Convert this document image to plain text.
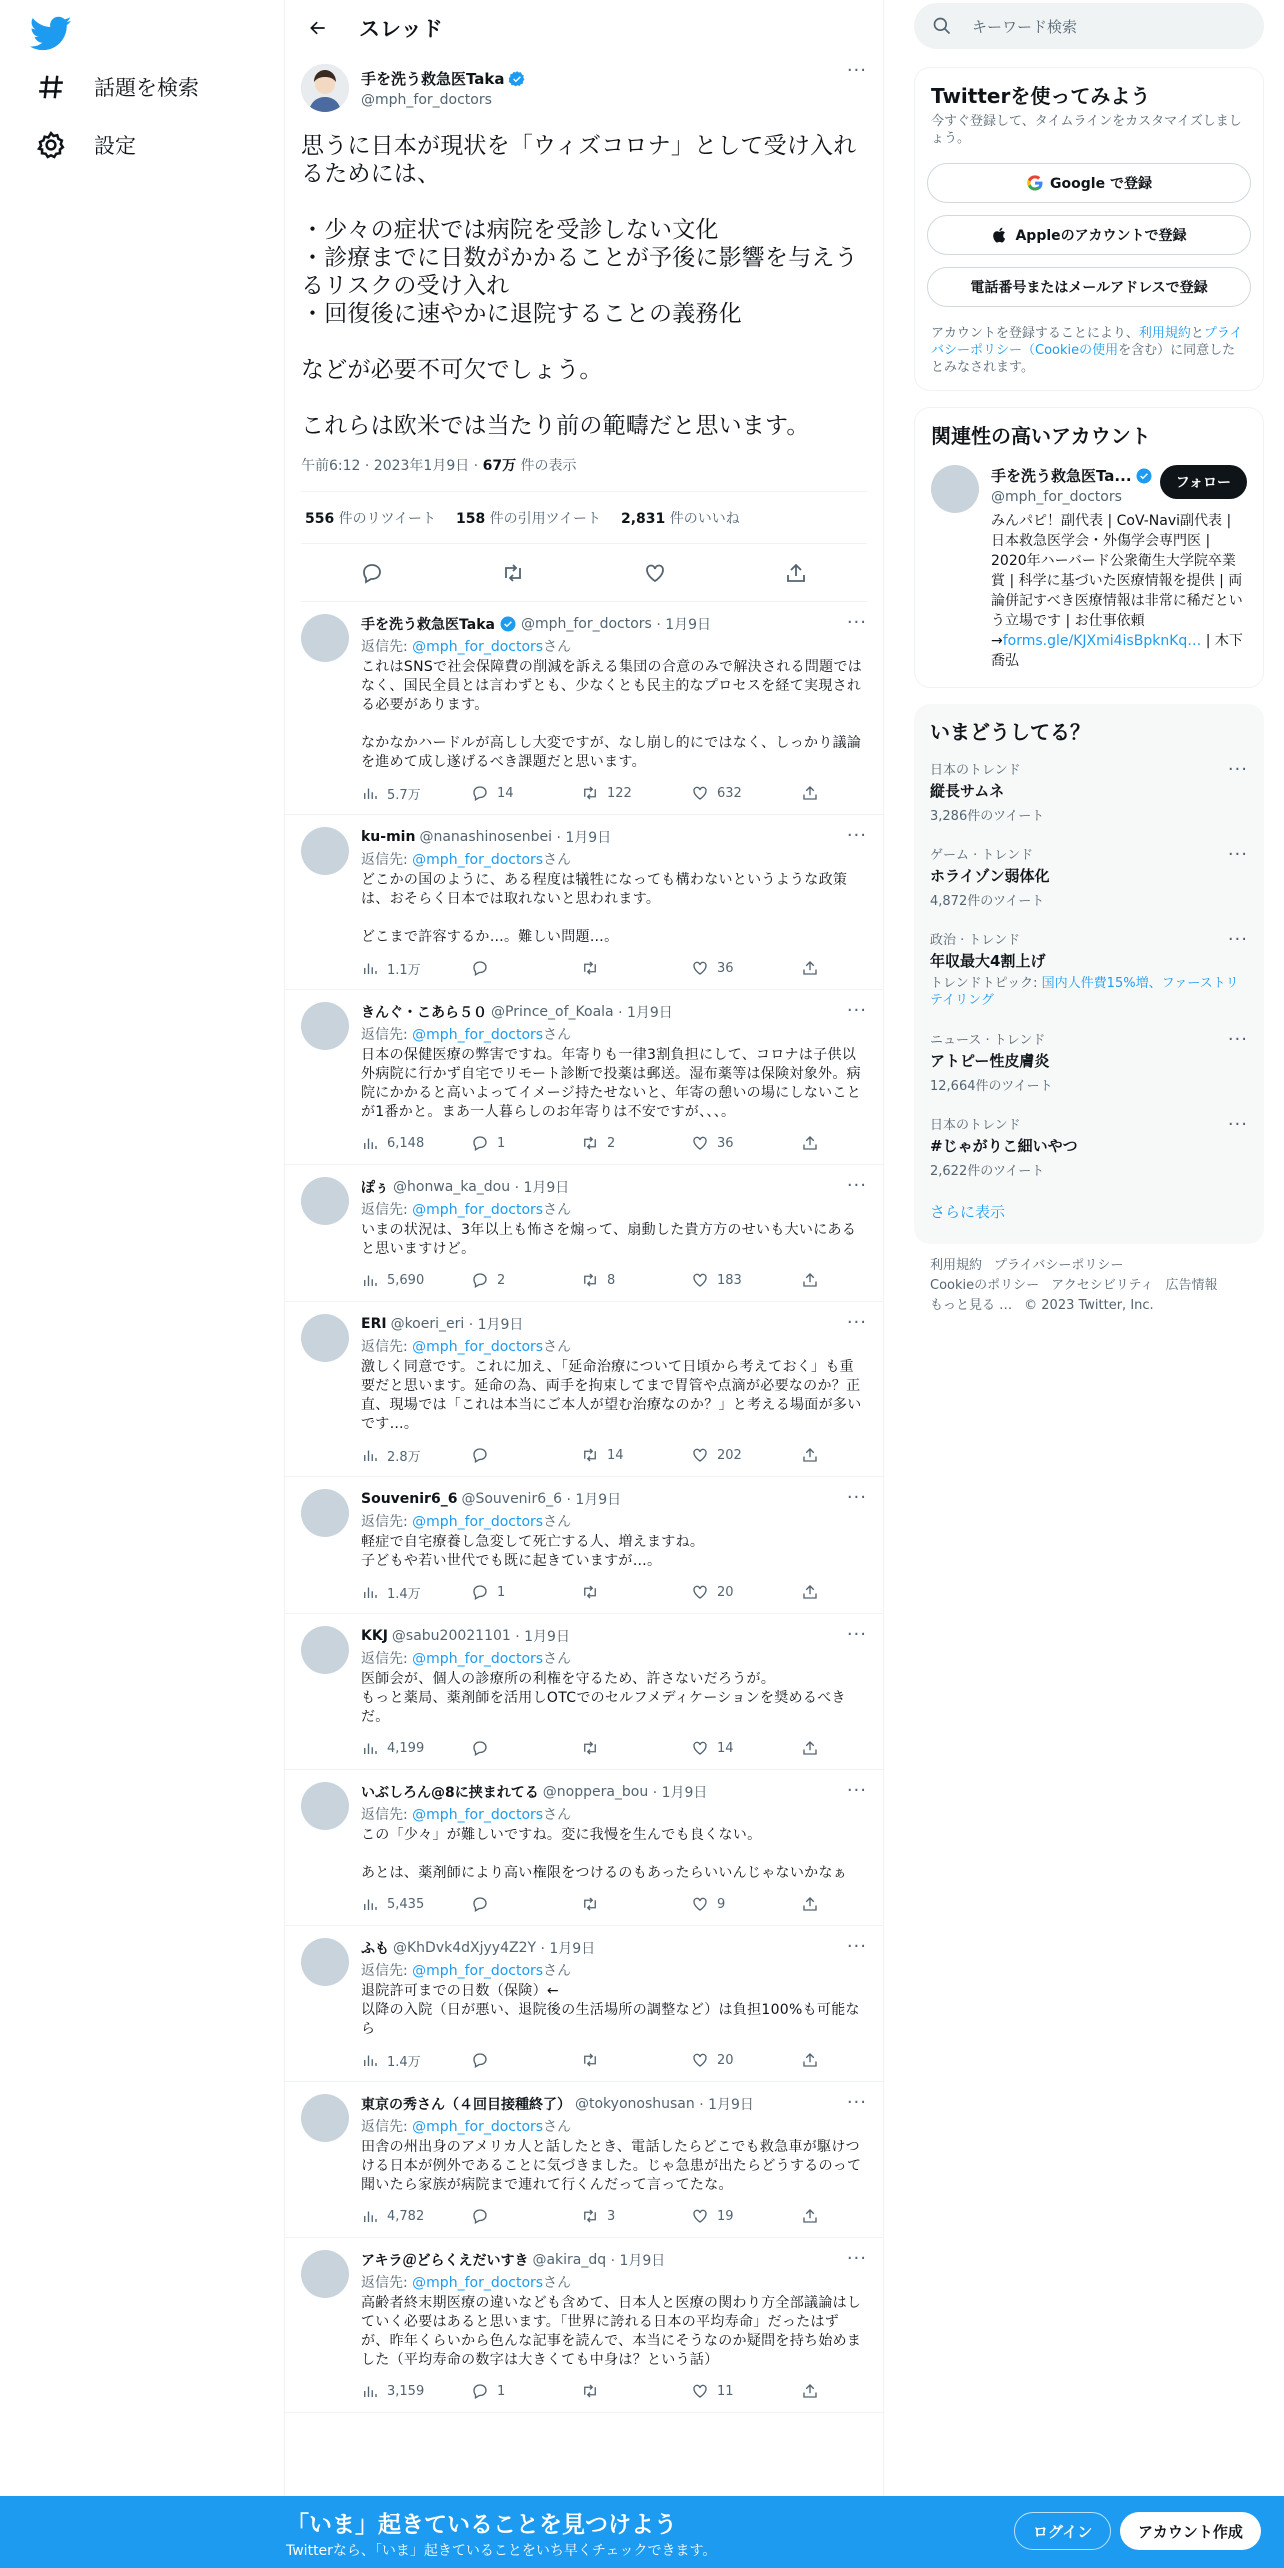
話題を検索
設定
スレッド
手を洗う救急医Taka
@mph_for_doctors
···
思うに日本が現状を「ウィズコロナ」として受け入れるためには、

・少々の症状では病院を受診しない文化
・診療までに日数がかかることが予後に影響を与えうるリスクの受け入れ
・回復後に速やかに退院することの義務化

などが必要不可欠でしょう。

これらは欧米では当たり前の範疇だと思います。
午前6:12 · 2023年1月9日 · 67万 件の表示
556 件のリツイート 158 件の引用ツイート 2,831 件のいいね
手を洗う救急医Taka @mph_for_doctors
· 1月9日	···
返信先: @mph_for_doctorsさん
これはSNSで社会保障費の削減を訴える集団の合意のみで解決される問題ではなく、国民全員とは言わずとも、少なくとも民主的なプロセスを経て実現される必要があります。

なかなかハードルが高しし大変ですが、なし崩し的にではなく、しっかり議論を進めて成し遂げるべき課題だと思います。
5.7万	14	122	632
ku-min @nanashinosenbei
· 1月9日	···
返信先: @mph_for_doctorsさん
どこかの国のように、ある程度は犠牲になっても構わないというような政策は、おそらく日本では取れないと思われます。

どこまで許容するか…。難しい問題…。
1.1万	36
きんぐ・こあら５０ @Prince_of_Koala
· 1月9日	···
返信先: @mph_for_doctorsさん
日本の保健医療の弊害ですね。年寄りも一律3割負担にして、コロナは子供以外病院に行かず自宅でリモート診断で投薬は郵送。湿布薬等は保険対象外。病院にかかると高いよってイメージ持たせないと、年寄の憩いの場にしないことが1番かと。まあ一人暮らしのお年寄りは不安ですが、、、。
6,148	1	2	36
ぽぅ @honwa_ka_dou
· 1月9日	···
返信先: @mph_for_doctorsさん
いまの状況は、3年以上も怖さを煽って、扇動した貴方方のせいも大いにあると思いますけど。
5,690	2	8	183
ERI @koeri_eri
· 1月9日	···
返信先: @mph_for_doctorsさん
激しく同意です。これに加え、「延命治療について日頃から考えておく」も重要だと思います。延命の為、両手を拘束してまで胃管や点滴が必要なのか？正直、現場では「これは本当にご本人が望む治療なのか？」と考える場面が多いです…。
2.8万	14	202
Souvenir6_6 @Souvenir6_6
· 1月9日	···
返信先: @mph_for_doctorsさん
軽症で自宅療養し急変して死亡する人、増えますね。
子どもや若い世代でも既に起きていますが…。
1.4万	1	20
KKJ @sabu20021101
· 1月9日	···
返信先: @mph_for_doctorsさん
医師会が、個人の診療所の利権を守るため、許さないだろうが。
もっと薬局、薬剤師を活用しOTCでのセルフメディケーションを奨めるべきだ。
4,199	14
いぶしろん@8に挟まれてる @noppera_bou
· 1月9日	···
返信先: @mph_for_doctorsさん
この「少々」が難しいですね。変に我慢を生んでも良くない。

あとは、薬剤師により高い権限をつけるのもあったらいいんじゃないかなぁ
5,435	9
ふも @KhDvk4dXjyy4Z2Y
· 1月9日	···
返信先: @mph_for_doctorsさん
退院許可までの日数（保険）←
以降の入院（日が悪い、退院後の生活場所の調整など）は負担100%も可能なら
1.4万	20
東京の秀さん（４回目接種終了） @tokyonoshusan
· 1月9日	···
返信先: @mph_for_doctorsさん
田舎の州出身のアメリカ人と話したとき、電話したらどこでも救急車が駆けつける日本が例外であることに気づきました。じゃ急患が出たらどうするのって聞いたら家族が病院まで連れて行くんだって言ってたな。
4,782	3	19
アキラ＠どらくえだいすき @akira_dq
· 1月9日	···
返信先: @mph_for_doctorsさん
高齢者終末期医療の違いなども含めて、日本人と医療の関わり方全部議論はしていく必要はあると思います。「世界に誇れる日本の平均寿命」だったはずが、昨年くらいから色んな記事を読んで、本当にそうなのか疑問を持ち始めました（平均寿命の数字は大きくても中身は？という話）
3,159	1	11
キーワード検索
Twitterを使ってみよう
今すぐ登録して、タイムラインをカスタマイズしましょう。
Google で登録
Appleのアカウントで登録
電話番号またはメールアドレスで登録
アカウントを登録することにより、利用規約とプライバシーポリシー（Cookieの使用を含む）に同意したとみなされます。
関連性の高いアカウント
手を洗う救急医Ta...
@mph_for_doctors
フォロー
みんパピ！副代表 | CoV-Navi副代表 | 日本救急医学会・外傷学会専門医 | 2020年ハーバード公衆衛生大学院卒業賞 | 科学に基づいた医療情報を提供 | 両論併記すべき医療情報は非常に稀だという立場です | お仕事依頼→forms.gle/KJXmi4isBpknKq… | 木下喬弘
いまどうしてる？
日本のトレンド
縦長サムネ
3,286件のツイート
···
ゲーム · トレンド
ホライゾン弱体化
4,872件のツイート
···
政治 · トレンド
年収最大4割上げ
トレンドトピック: 国内人件費15%増、ファーストリテイリング
···
ニュース · トレンド
アトピー性皮膚炎
12,664件のツイート
···
日本のトレンド
#じゃがりこ細いやつ
2,622件のツイート
···
さらに表示
利用規約 プライバシーポリシー
Cookieのポリシー アクセシビリティ 広告情報
もっと見る … © 2023 Twitter, Inc.
「いま」起きていることを見つけよう
Twitterなら、「いま」起きていることをいち早くチェックできます。
ログイン	アカウント作成
